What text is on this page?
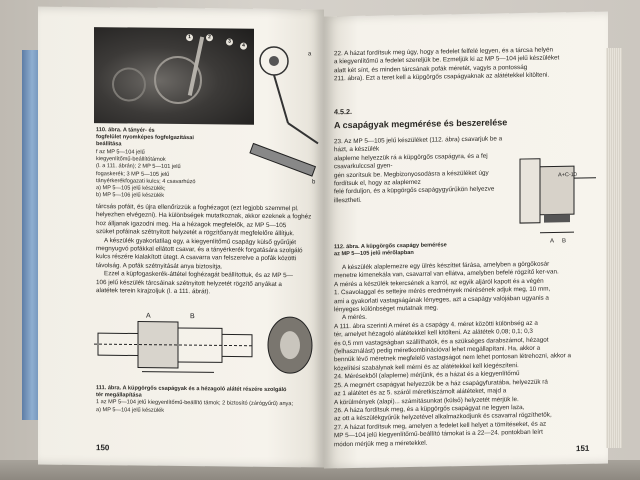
1	2
3
4
a
b
110. ábra. A tányér- és
fogfelület nyomképes fogfelgazításai
beállítása
f az MP 5—104 jelű
kiegyenlítőmű-beállítótámok
(l. a 111. ábrán); 2 MP 5—101 jelű
fogaskerék; 3 MP 5—105 jelű
tányérkerékfogazati kulcs; 4 csavarhúzó
a) MP 5—105 jelű készülék;
b) MP 5—106 jelű készülék
tárcsás pofáit, és újra ellenőrizzük a foghézagot (ezt legjobb szemmel pl.
helyezhen elvégezni). Ha különbségek mutatkoznak, akkor ezeknek a foghéz
hoz álljanak igazodni meg. Ha a hézagok megfelelők, az MP 5—105
szüket pofáinak szétnyitott helyzetét a rögzítőanyát megfelelőre állítjuk.
A készülék gyakorlatilag egy, a kiegyenlítőmű csapágy külső gyűrűjét
megnyugvó pofákkal ellátott csavar, és a tányérkerék forgatására szolgáló
kulcs részére kialakított ütegt. A csavarra van felszerelve a pofák közötti
távolság. A pofák szétnyitását anya biztosítja.
Ezzel a küpfogaskerék-áttétel foghézagát beállítottuk, és az MP 5—
106 jelű készülék tárcsáinak szétnyitott helyzetét rögzítő anyákat a
alatétek terein kirajzoljuk (l. a 111. ábrát).
A	B
111. ábra. A küpgörgős csapágyak és a hézagoló alátét részére szolgáló
tér megállapítása
1 az MP 5—104 jelű kiegyenlítőmű-beállító támok; 2 biztosító (zárógyűrű) anya;
a) MP 5—104 jelű készülék
150
22. A házat fordítsuk meg úgy, hogy a fedelet felfelé legyen, és a tárcsa helyén
a kiegyenlítőmű a fedelet szereljük be. Ezmeljük ki az MP 5—104 jelű készüléket
alatt két sínt, és minden tárcsának pofák méretét, vagyis a pontosság
211. ábra). Ezt a teret kell a küpgörgős csapágyaknak az alátétekkel kitölteni.
4.5.2.
A csapágyak megmérése és beszerelése
23. Az MP 5—105 jelű készüléket (112. ábra) csavarjuk be a házt, a készülék
alapleme helyezzük rá a küpgörgős csapágyra, és a fej csavarkulccsal gyen-
gén szorítsuk be. Megbizonyosodásra a készüléket úgy fordítsuk el, hogy az alaplemez
felé forduljon, és a küpgörgős csapágygyűrűkön helyezve illesztheti.
A B
A+C-10
112. ábra. A küpgörgős csapágy bemérése
az MP 5—105 jelű mérőlapban
A készülék alaplemezre egy ülrés készíttet fárása, amelyben a görgőkosár
menetre kimenekála van, csavarral van ellátva, amelyben befelé rögzítő ker-van.
A mérés a készülék tekercsének a karról, az egyik aljáról kapott és a végén
1. Csavolaggal és settejre mérés eredmények mérésének adjuk meg, 10 mm,
ami a gyakorlati vastagságának lényeges, azt a csapágy valójában ugyanis a
lényeges különbséget mutatnak meg.
A mérés.
A 111. ábra szerinti A méret és a csapágy 4. méret közötti különbség az a
tér, amelyet hézagoló alátétekkel kell kitölteni. Az alátétek 0,08; 0,1; 0,3
és 0,5 mm vastagságban szállíthatók, és a szükséges darabszámot, hézagot
(felhasználást) pedig méretkombinációval lehet megállapítani. Ha, akkor a
bennük lévő méretnek megfelelő vastagságot nem lehet pontosan létrehozni, akkor a
közelítési szabálynak kell mérni és az alátétekkel kell kiegészíteni.
24. Mérésekből (alapleme) mérjünk, és a házat és a kiegyenlítőmű
25. A megmért csapágyat helyezzük be a ház csapágyfuratába, helyezzük rá
az 1 alátétet és az 5. száról méretkiszámolt alátéteket, majd a
A körülmények (alapi)... számításunkat (külső) helyzetét mérjük le.
26. A háza fordítsuk meg, és a küpgörgős csapágyat ne legyen laza,
az ott a készülékgyűrűk helyzetével alkalmazkodjunk és csavarral rögzíthetők,
27. A házat fordítsuk meg, amelyen a fedelet kell helyet a tömítéseket, és az
MP 5—104 jelű kiegyenlítőmű-beállító támokat is a 22—24. pontokban leírt
módon mérjük meg a méretekkel.
151
